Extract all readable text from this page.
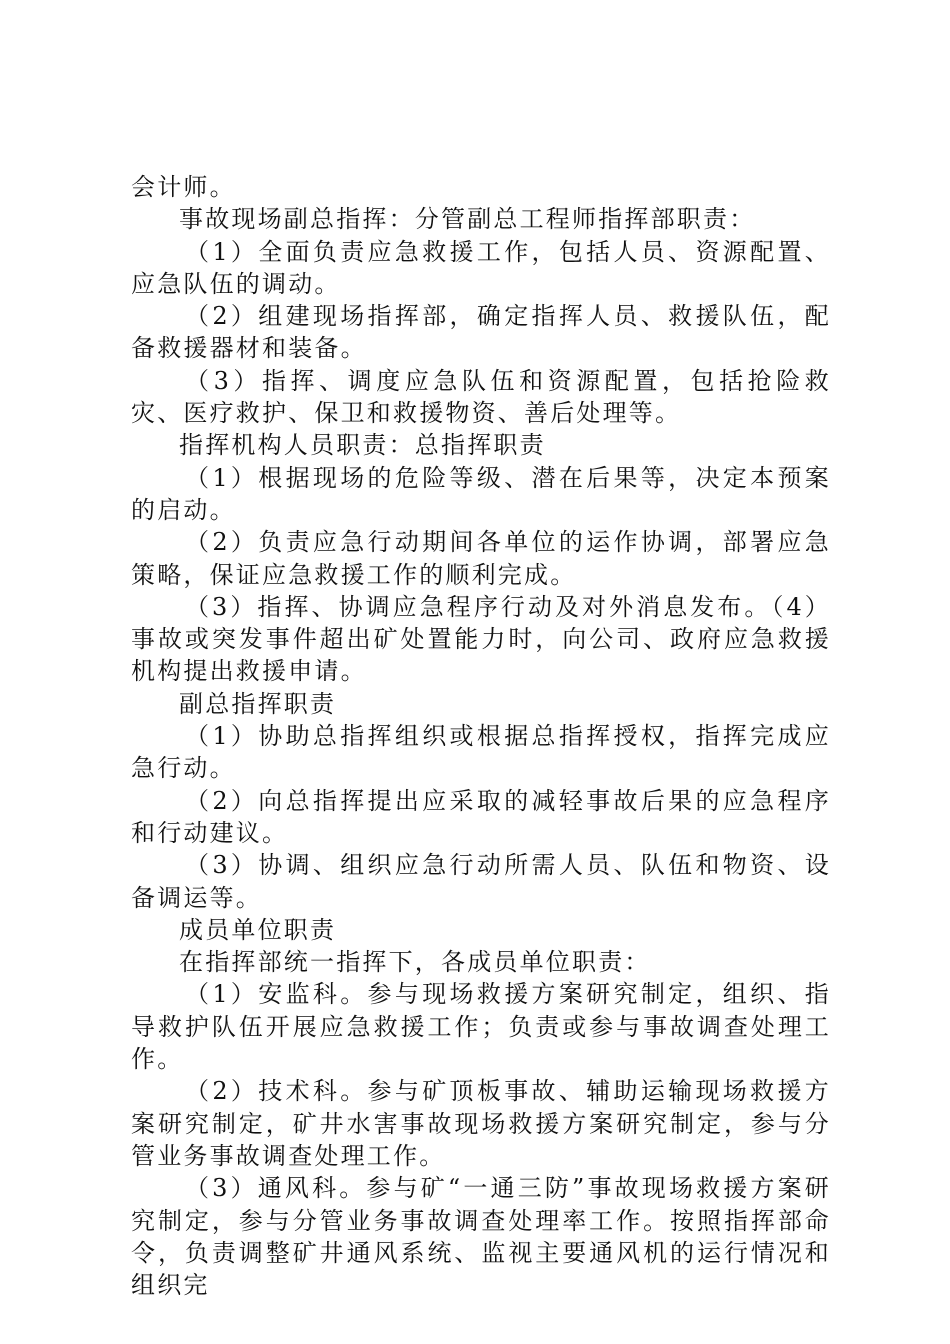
会计师。

事故现场副总指挥：分管副总工程师指挥部职责：

（1）全面负责应急救援工作，包括人员、资源配置、应急队伍的调动。

（2）组建现场指挥部，确定指挥人员、救援队伍，配备救援器材和装备。

（3）指挥、调度应急队伍和资源配置，包括抢险救灾、医疗救护、保卫和救援物资、善后处理等。

指挥机构人员职责：总指挥职责

（1）根据现场的危险等级、潜在后果等，决定本预案的启动。

（2）负责应急行动期间各单位的运作协调，部署应急策略，保证应急救援工作的顺利完成。

（3）指挥、协调应急程序行动及对外消息发布。（4）事故或突发事件超出矿处置能力时，向公司、政府应急救援机构提出救援申请。

副总指挥职责

（1）协助总指挥组织或根据总指挥授权，指挥完成应急行动。

（2）向总指挥提出应采取的减轻事故后果的应急程序和行动建议。

（3）协调、组织应急行动所需人员、队伍和物资、设备调运等。

成员单位职责

在指挥部统一指挥下，各成员单位职责：

（1）安监科。参与现场救援方案研究制定，组织、指导救护队伍开展应急救援工作；负责或参与事故调查处理工作。

（2）技术科。参与矿顶板事故、辅助运输现场救援方案研究制定，矿井水害事故现场救援方案研究制定，参与分管业务事故调查处理工作。

（3）通风科。参与矿“一通三防”事故现场救援方案研究制定，参与分管业务事故调查处理率工作。按照指挥部命令，负责调整矿井通风系统、监视主要通风机的运行情况和组织完
